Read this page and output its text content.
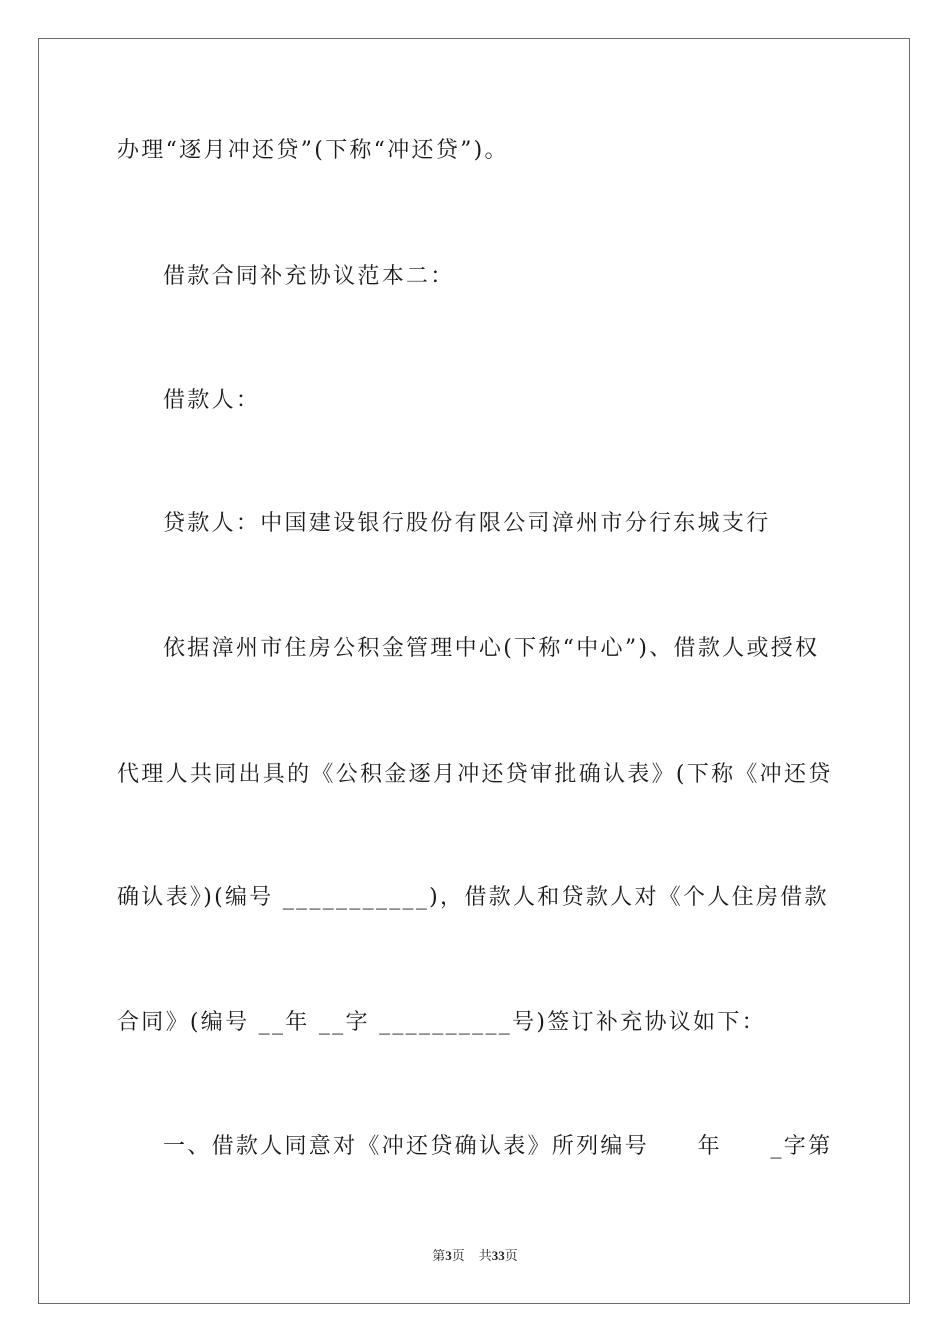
办理“逐月冲还贷”(下称“冲还贷”)。
借款合同补充协议范本二：
借款人：
贷款人：中国建设银行股份有限公司漳州市分行东城支行
依据漳州市住房公积金管理中心(下称“中心”)、借款人或授权
代理人共同出具的《公积金逐月冲还贷审批确认表》(下称《冲还贷
确认表》)(编号 ___________)，借款人和贷款人对《个人住房借款
合同》(编号 __年 __字 __________号)签订补充协议如下：
一、借款人同意对《冲还贷确认表》所列编号　　年　　_字第
第3页 共33页
